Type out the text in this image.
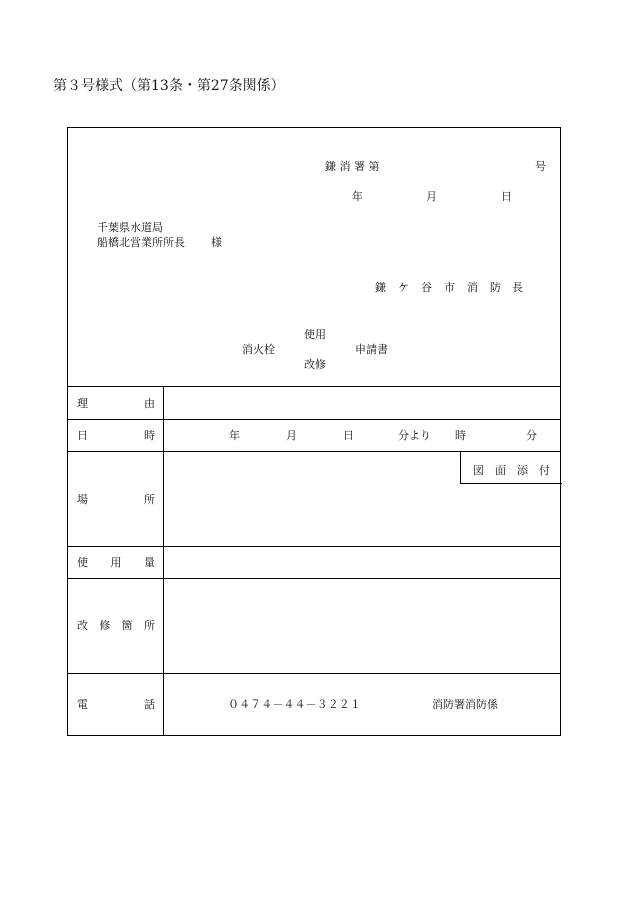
第３号様式（第13条・第27条関係）
鎌 消 署 第	号
年	月	日
千葉県水道局
船橋北営業所所長 様
鎌 ケ 谷 市 消 防 長
使用
消火栓	申請書
改修
理	由
日	時	年	月	日	分より 時	分
場	所
図 面 添 付
使 用 量
改 修 箇 所
電	話	０ ４ ７ ４ － ４ ４ － ３ ２ ２ １	消防署消防係
